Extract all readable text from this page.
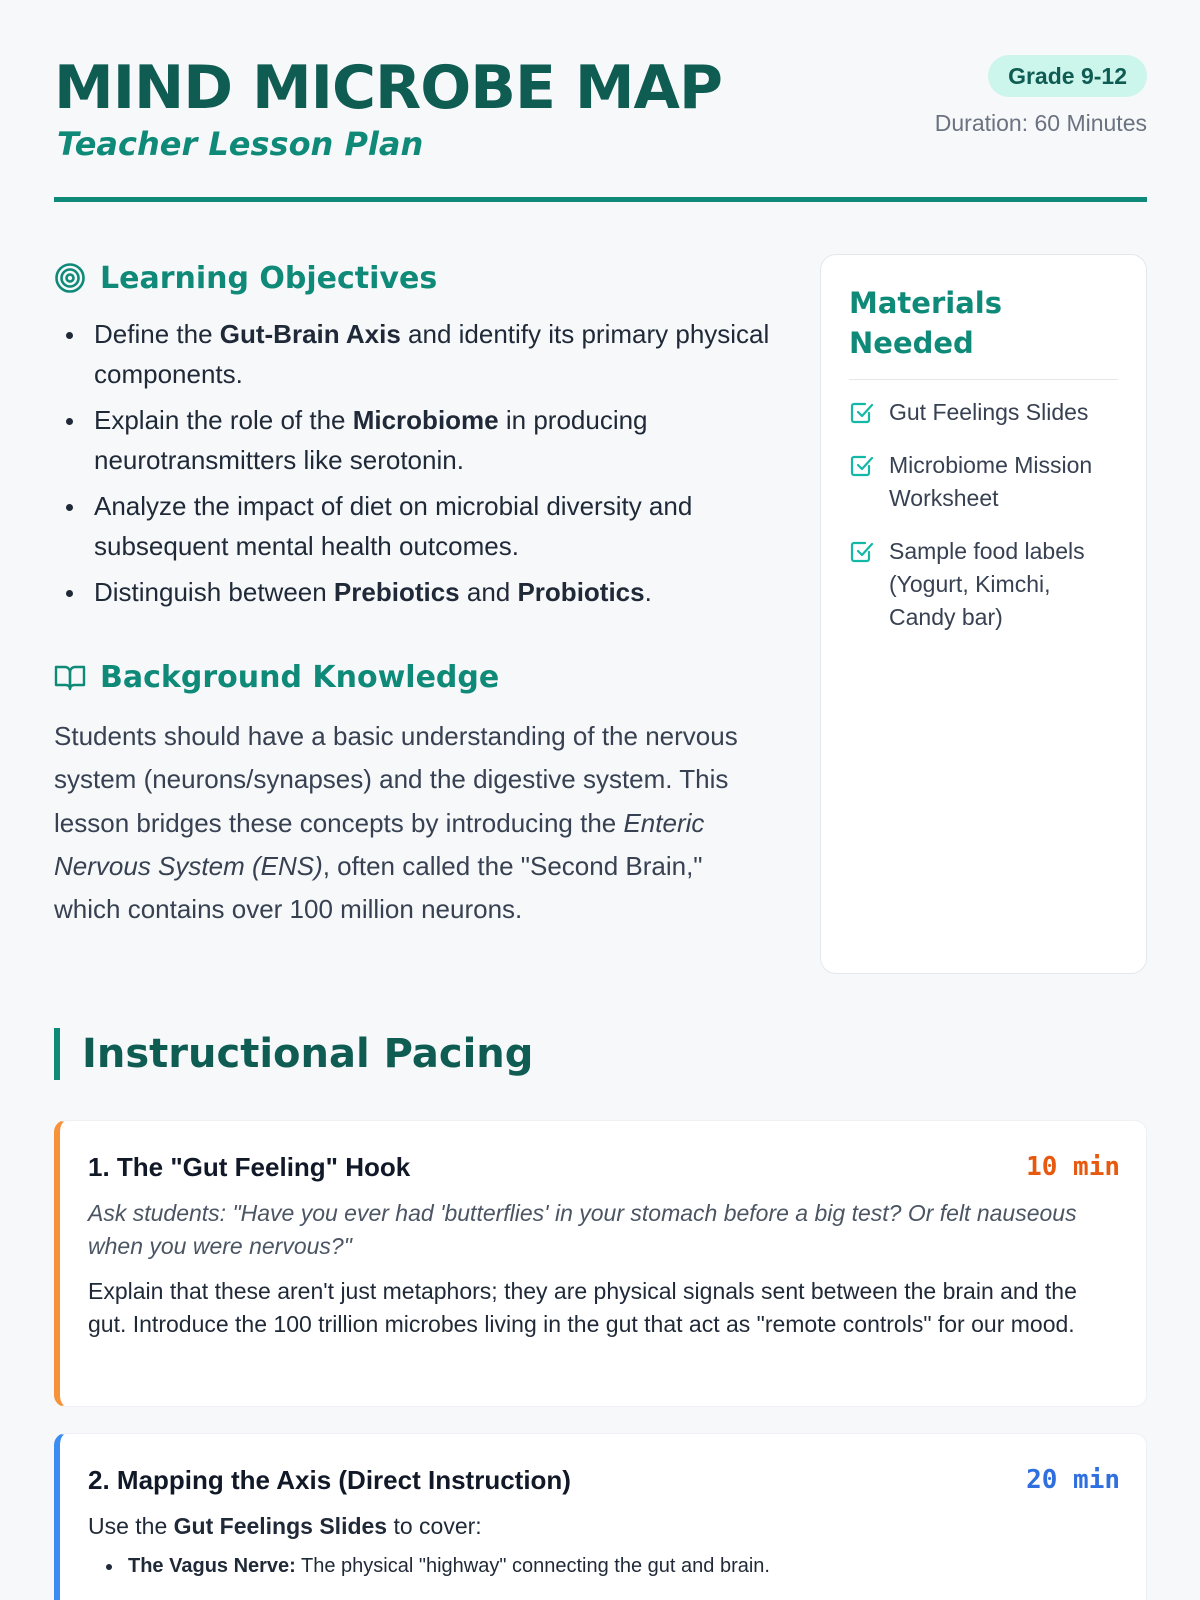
MIND MICROBE MAP
Teacher Lesson Plan
Grade 9-12
Duration: 60 Minutes
Learning Objectives
Define the Gut-Brain Axis and identify its primary physical components.
Explain the role of the Microbiome in producing neurotransmitters like serotonin.
Analyze the impact of diet on microbial diversity and subsequent mental health outcomes.
Distinguish between Prebiotics and Probiotics.
Background Knowledge

Students should have a basic understanding of the nervous system (neurons/synapses) and the digestive system. This lesson bridges these concepts by introducing the Enteric Nervous System (ENS), often called the "Second Brain," which contains over 100 million neurons.

Materials Needed
Gut Feelings Slides
Microbiome Mission Worksheet
Sample food labels (Yogurt, Kimchi, Candy bar)
Instructional Pacing
1. The "Gut Feeling" Hook	10 min

Ask students: "Have you ever had 'butterflies' in your stomach before a big test? Or felt nauseous when you were nervous?"

Explain that these aren't just metaphors; they are physical signals sent between the brain and the gut. Introduce the 100 trillion microbes living in the gut that act as "remote controls" for our mood.

2. Mapping the Axis (Direct Instruction)	20 min

Use the Gut Feelings Slides to cover:

The Vagus Nerve: The physical "highway" connecting the gut and brain.
